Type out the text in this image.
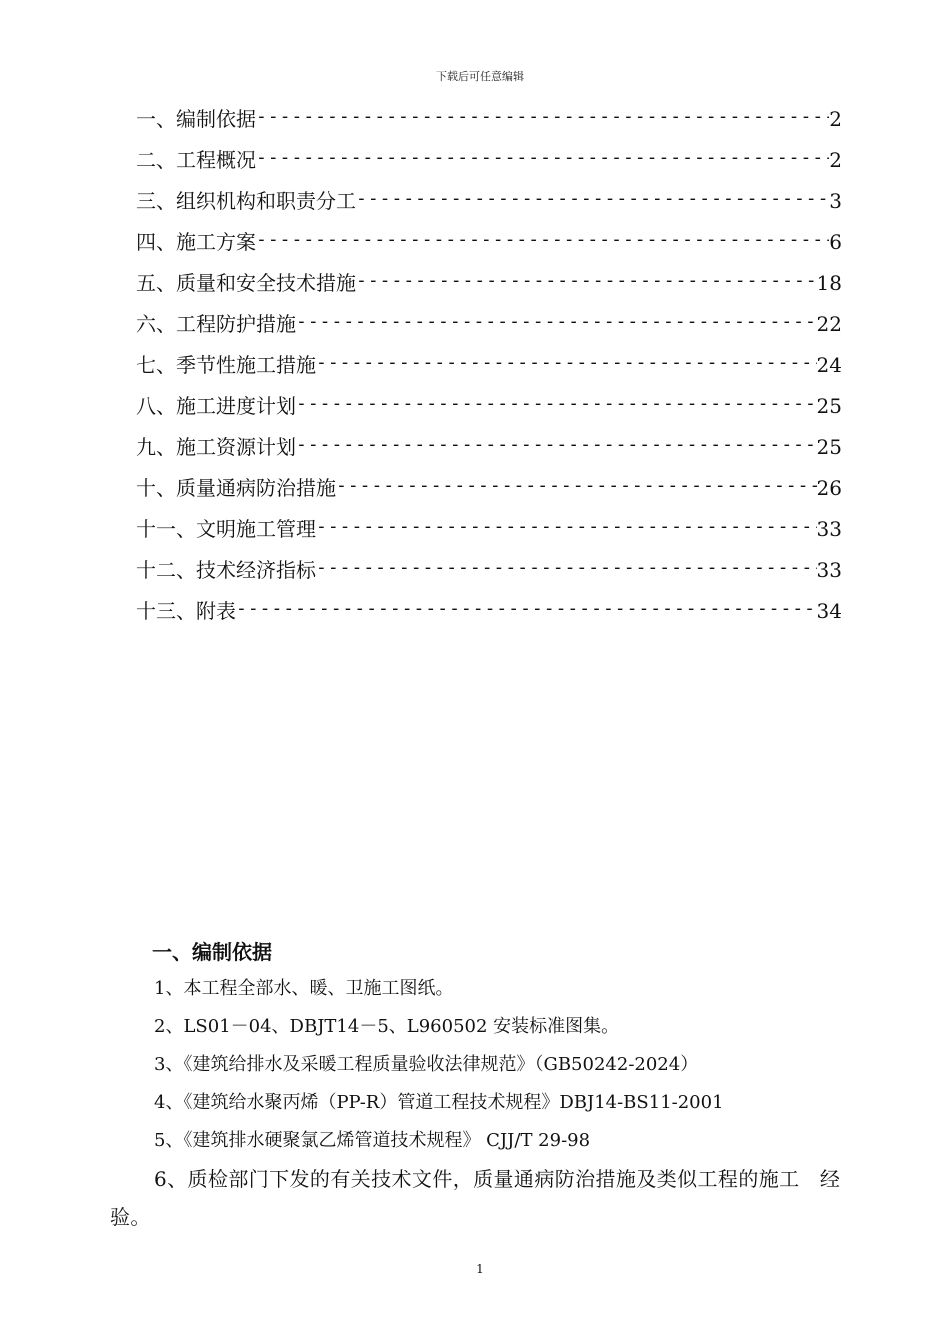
下载后可任意编辑
一、编制依据 -----	2
二、工程概况 -----	2
三、组织机构和职责分工 -----	3
四、施工方案 -----	6
五、质量和安全技术措施 -----	18
六、工程防护措施 -----	22
七、季节性施工措施 -----	24
八、施工进度计划 -----	25
九、施工资源计划 -----	25
十、质量通病防治措施 -----	26
十一、文明施工管理 -----	33
十二、技术经济指标 -----	33
十三、附表 -----	34
一、编制依据
1、本工程全部水、暖、卫施工图纸。
2、LS01－04、DBJT14－5、L960502 安装标准图集。
3、《建筑给排水及采暖工程质量验收法律规范》（GB50242-2024）
4、《建筑给水聚丙烯（PP-R）管道工程技术规程》DBJ14-BS11-2001
5、《建筑排水硬聚氯乙烯管道技术规程》 CJJ/T 29-98
6、质检部门下发的有关技术文件，质量通病防治措施及类似工程的施工　经验。
1
